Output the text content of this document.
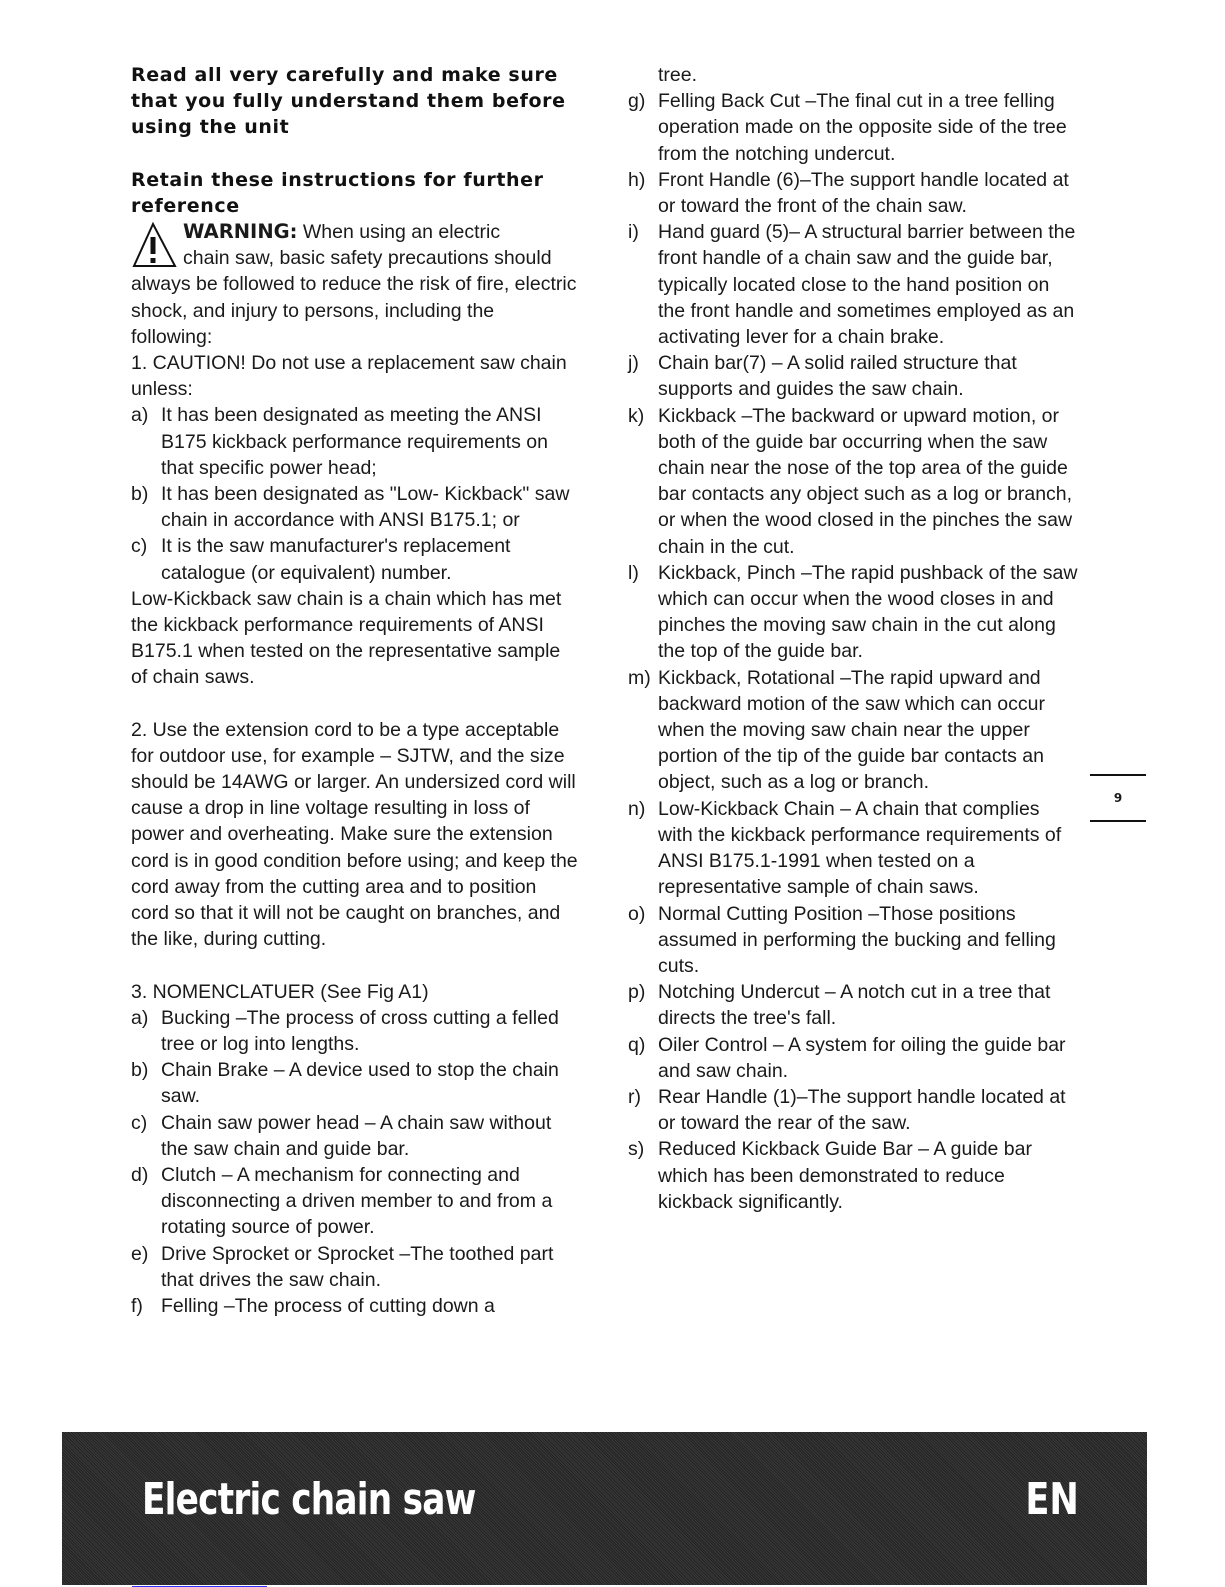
Read all very carefully and make sure that you fully understand them before using the unit
Retain these instructions for further reference
WARNING: When using an electric
chain saw, basic safety precautions should always be followed to reduce the risk of fire, electric shock, and injury to persons, including the following:
1. CAUTION! Do not use a replacement saw chain unless:
a) It has been designated as meeting the ANSI B175 kickback performance requirements on that specific power head;
b) It has been designated as "Low- Kickback" saw chain in accordance with ANSI B175.1; or
c) It is the saw manufacturer's replacement catalogue (or equivalent) number.
Low-Kickback saw chain is a chain which has met the kickback performance requirements of ANSI B175.1 when tested on the representative sample of chain saws.
2. Use the extension cord to be a type acceptable for outdoor use, for example – SJTW, and the size should be 14AWG or larger. An undersized cord will cause a drop in line voltage resulting in loss of power and overheating. Make sure the extension cord is in good condition before using; and keep the cord away from the cutting area and to position cord so that it will not be caught on branches, and the like, during cutting.
3. NOMENCLATUER (See Fig A1)
a) Bucking –The process of cross cutting a felled tree or log into lengths.
b) Chain Brake – A device used to stop the chain saw.
c) Chain saw power head – A chain saw without the saw chain and guide bar.
d) Clutch – A mechanism for connecting and disconnecting a driven member to and from a rotating source of power.
e) Drive Sprocket or Sprocket –The toothed part that drives the saw chain.
f) Felling –The process of cutting down a
tree.
g) Felling Back Cut –The final cut in a tree felling operation made on the opposite side of the tree from the notching undercut.
h) Front Handle (6)–The support handle located at or toward the front of the chain saw.
i) Hand guard (5)– A structural barrier between the front handle of a chain saw and the guide bar, typically located close to the hand position on the front handle and sometimes employed as an activating lever for a chain brake.
j) Chain bar(7) – A solid railed structure that supports and guides the saw chain.
k) Kickback –The backward or upward motion, or both of the guide bar occurring when the saw chain near the nose of the top area of the guide bar contacts any object such as a log or branch, or when the wood closed in the pinches the saw chain in the cut.
l) Kickback, Pinch –The rapid pushback of the saw which can occur when the wood closes in and pinches the moving saw chain in the cut along the top of the guide bar.
m) Kickback, Rotational –The rapid upward and backward motion of the saw which can occur when the moving saw chain near the upper portion of the tip of the guide bar contacts an object, such as a log or branch.
n) Low-Kickback Chain – A chain that complies with the kickback performance requirements of ANSI B175.1-1991 when tested on a representative sample of chain saws.
o) Normal Cutting Position –Those positions assumed in performing the bucking and felling cuts.
p) Notching Undercut – A notch cut in a tree that directs the tree's fall.
q) Oiler Control – A system for oiling the guide bar and saw chain.
r) Rear Handle (1)–The support handle located at or toward the rear of the saw.
s) Reduced Kickback Guide Bar – A guide bar which has been demonstrated to reduce kickback significantly.
9
Electric chain saw	EN
